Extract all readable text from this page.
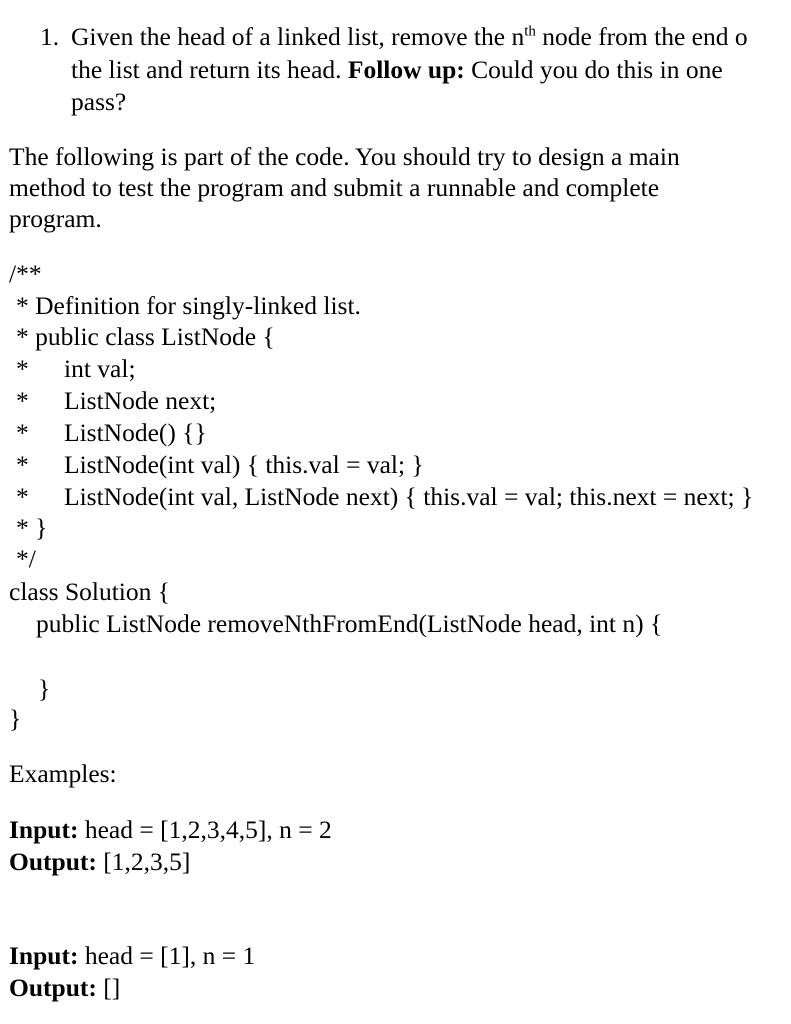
1. Given the head of a linked list, remove the $n^{th}$ node from the end o
the list and return its head. Follow up: Could you do this in one
pass?
The following is part of the code. You should try to design a main
method to test the program and submit a runnable and complete
program.
/**
* Definition for singly-linked list.
* public class ListNode {
* int val;
* ListNode next;
* ListNode() {}
* ListNode(int val) { this.val = val; }
* ListNode(int val, ListNode next) { this.val = val; this.next = next; }
* }
*/
class Solution {
public ListNode removeNthFromEnd(ListNode head, int n) {
}
}
Examples:
Input: head = [1,2,3,4,5], n = 2
Output: [1,2,3,5]
Input: head = [1], n = 1
Output: []
